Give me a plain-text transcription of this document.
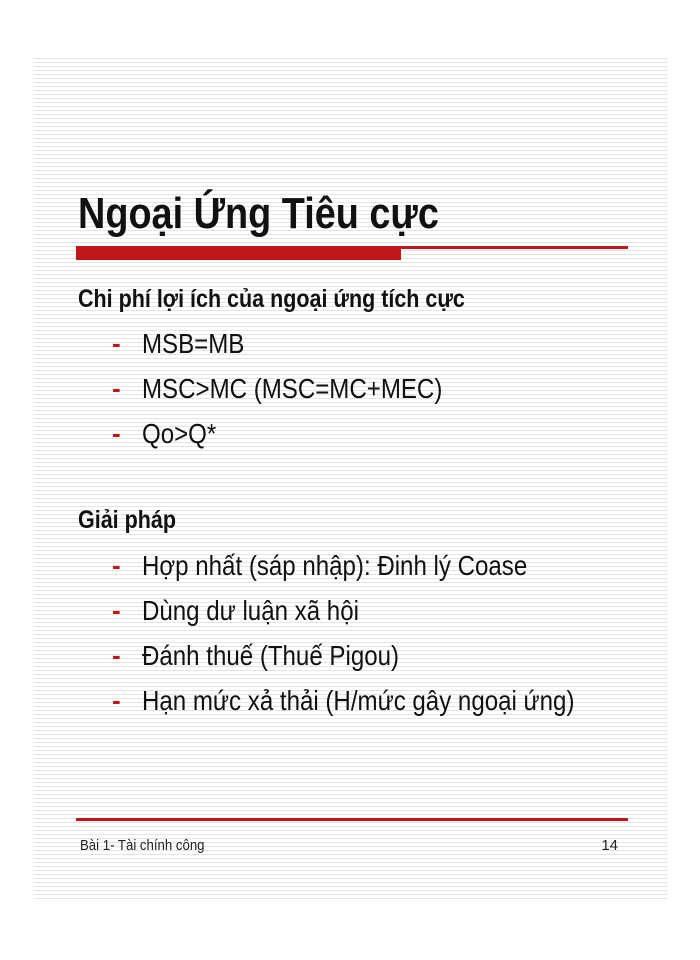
Ngoại Ứng Tiêu cực
Chi phí lợi ích của ngoại ứng tích cực
- MSB=MB
- MSC>MC (MSC=MC+MEC)
- Qo>Q*
Giải pháp
- Hợp nhất (sáp nhập): Đinh lý Coase
- Dùng dư luận xã hội
- Đánh thuế (Thuế Pigou)
- Hạn mức xả thải (H/mức gây ngoại ứng)
Bài 1- Tài chính công	14
